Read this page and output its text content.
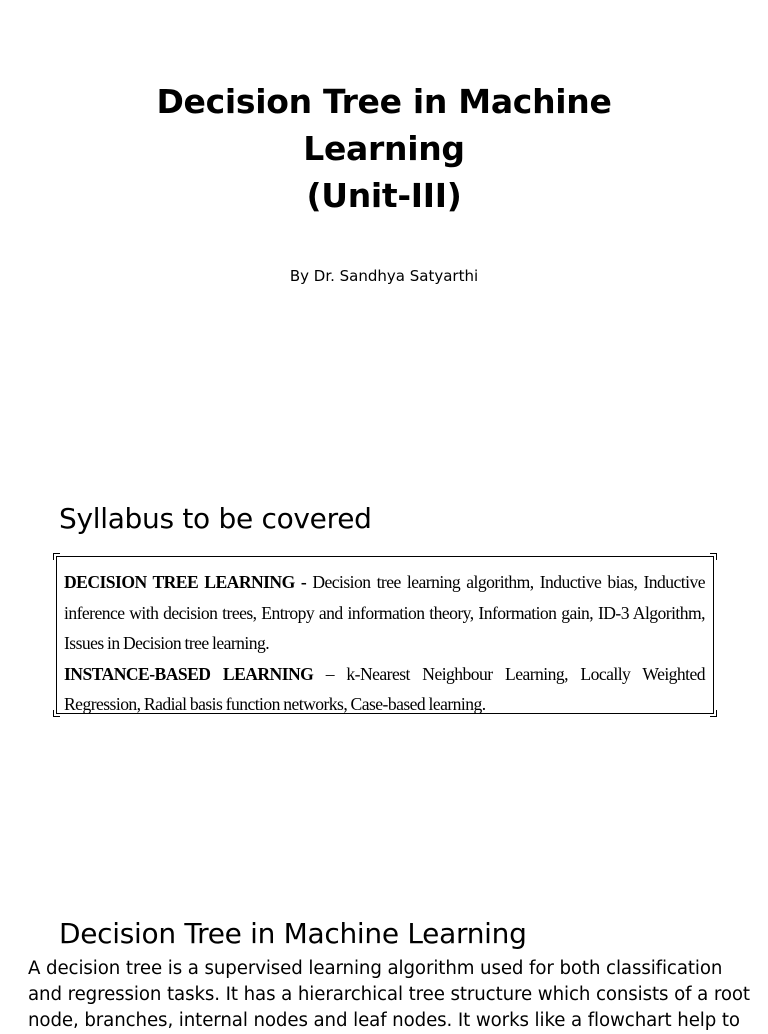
Decision Tree in Machine
Learning
(Unit-III)
By Dr. Sandhya Satyarthi
Syllabus to be covered

DECISION TREE LEARNING - Decision tree learning algorithm, Inductive bias, Inductive inference with decision trees, Entropy and information theory, Information gain, ID-3 Algorithm, Issues in Decision tree learning.

INSTANCE-BASED LEARNING – k-Nearest Neighbour Learning, Locally Weighted Regression, Radial basis function networks, Case-based learning.

Decision Tree in Machine Learning
A decision tree is a supervised learning algorithm used for both classification and regression tasks. It has a hierarchical tree structure which consists of a root node, branches, internal nodes and leaf nodes. It works like a flowchart help to
